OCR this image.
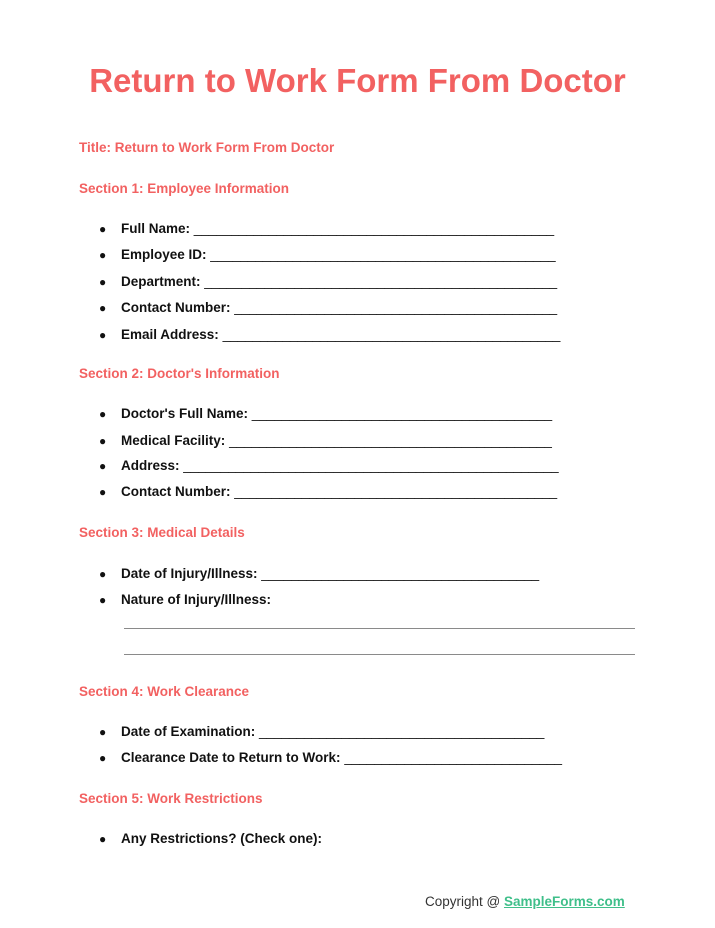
Return to Work Form From Doctor
Title: Return to Work Form From Doctor
Section 1: Employee Information
● Full Name: ________________________________________________
● Employee ID: ______________________________________________
● Department: _______________________________________________
● Contact Number: ___________________________________________
● Email Address: _____________________________________________
Section 2: Doctor's Information
● Doctor's Full Name: ________________________________________
● Medical Facility: ___________________________________________
● Address: __________________________________________________
● Contact Number: ___________________________________________
Section 3: Medical Details
● Date of Injury/Illness: _____________________________________
● Nature of Injury/Illness:
Section 4: Work Clearance
● Date of Examination: ______________________________________
● Clearance Date to Return to Work: _____________________________
Section 5: Work Restrictions
● Any Restrictions? (Check one):
Copyright @ SampleForms.com
